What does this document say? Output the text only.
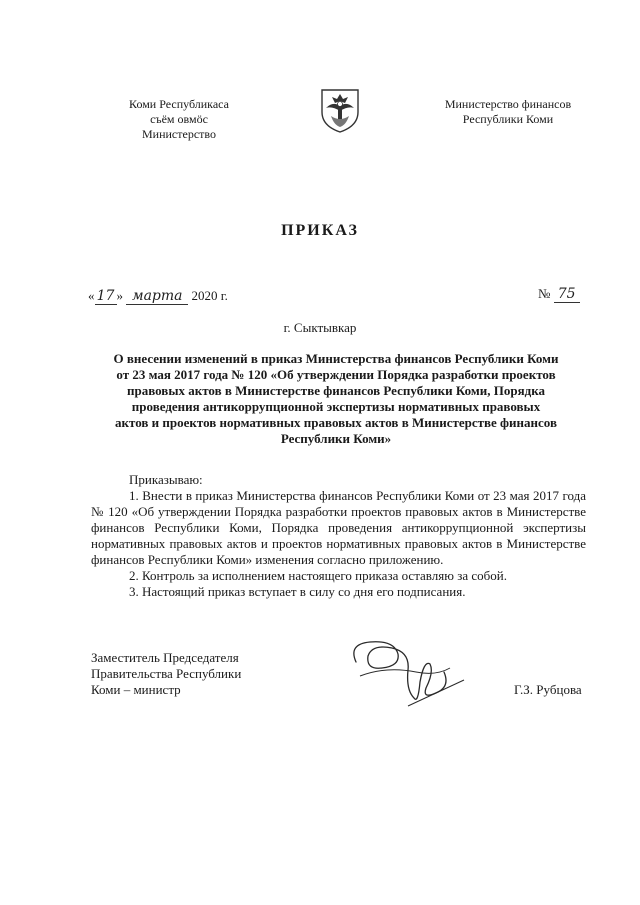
Коми Республикаса
съём овмöс
Министерство
Министерство финансов
Республики Коми
ПРИКАЗ
« 17 » марта 2020 г.	№ 75
г. Сыктывкар
О внесении изменений в приказ Министерства финансов Республики Коми
от 23 мая 2017 года № 120 «Об утверждении Порядка разработки проектов
правовых актов в Министерстве финансов Республики Коми, Порядка
проведения антикоррупционной экспертизы нормативных правовых
актов и проектов нормативных правовых актов в Министерстве финансов
Республики Коми»

Приказываю:

1. Внести в приказ Министерства финансов Республики Коми от 23 мая 2017 года № 120 «Об утверждении Порядка разработки проектов правовых актов в Министерстве финансов Республики Коми, Порядка проведения антикоррупционной экспертизы нормативных правовых актов и проектов нормативных правовых актов в Министерстве финансов Республики Коми» изменения согласно приложению.

2. Контроль за исполнением настоящего приказа оставляю за собой.

3. Настоящий приказ вступает в силу со дня его подписания.

Заместитель Председателя
Правительства Республики
Коми – министр	Г.З. Рубцова
